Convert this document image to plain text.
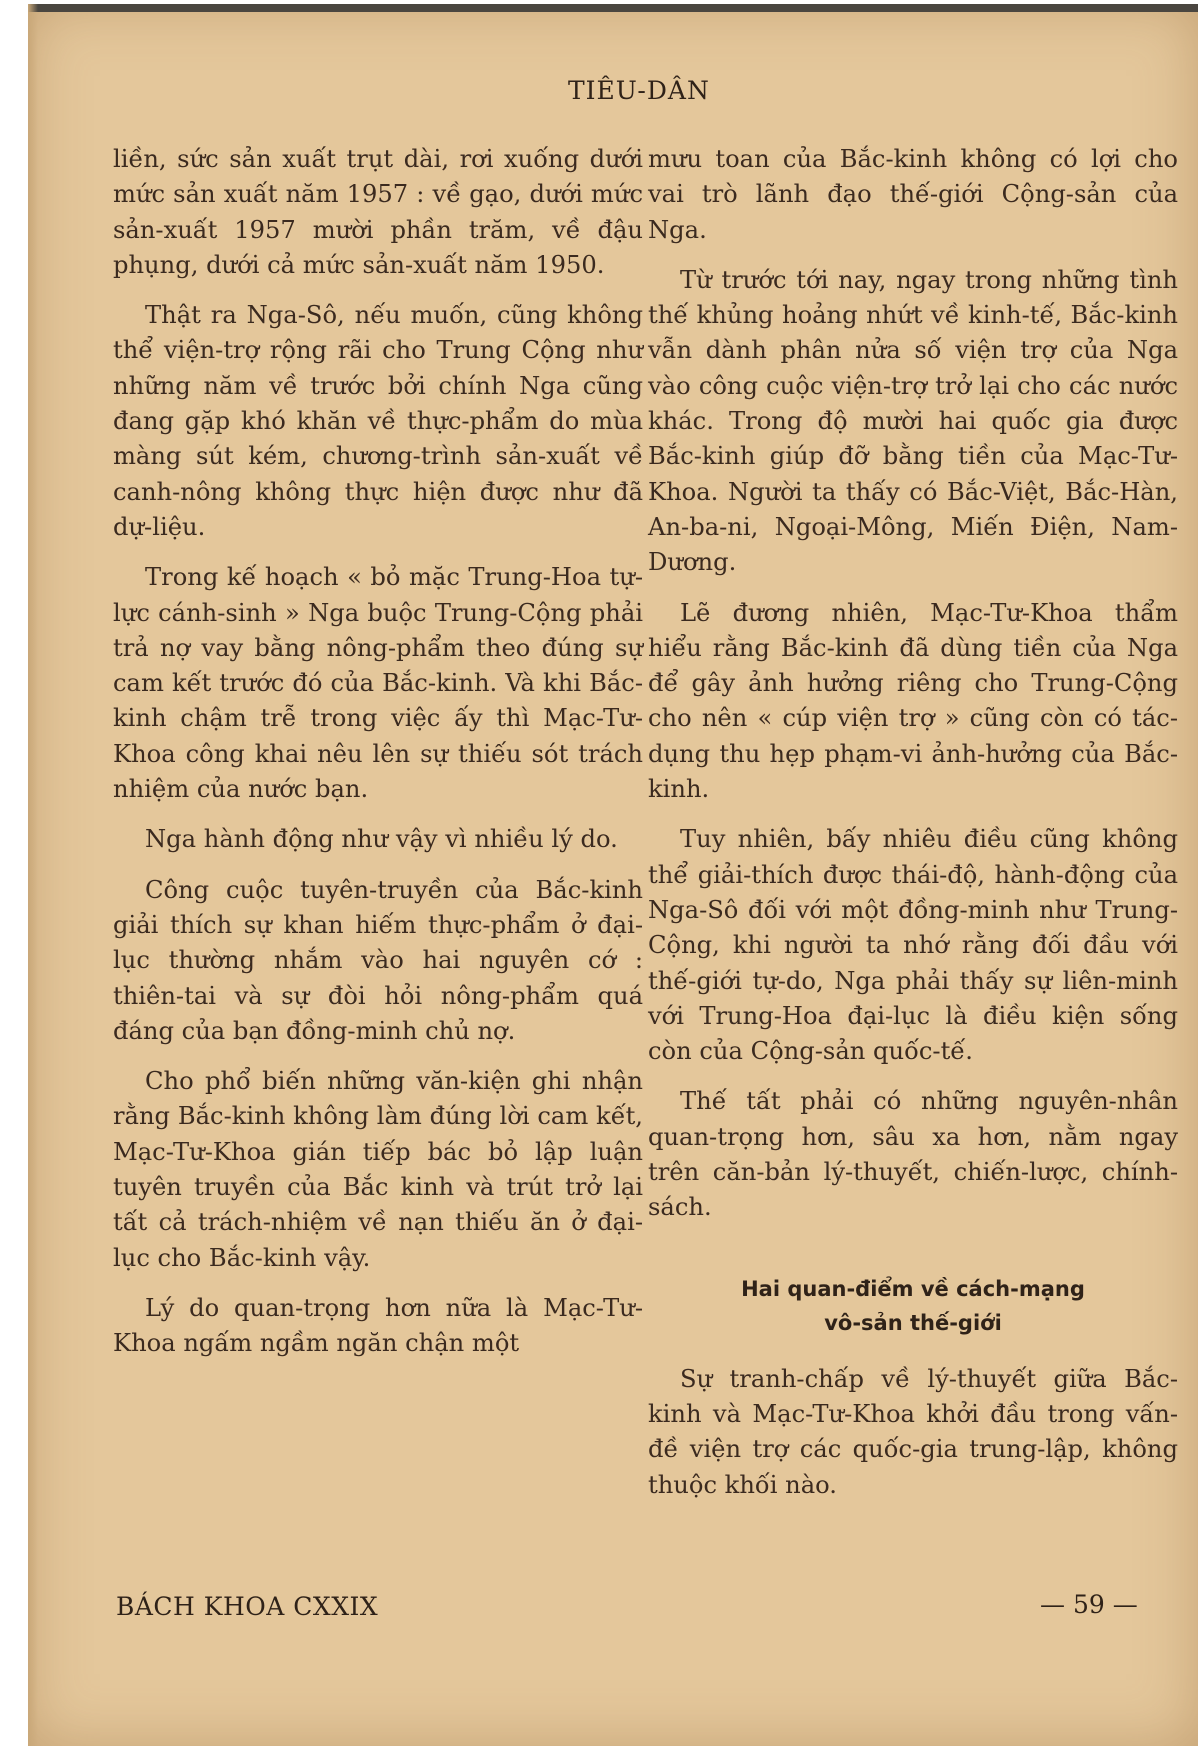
TIÊU-DÂN

liền, sức sản xuất trụt dài, rơi xuống dưới mức sản xuất năm 1957 : về gạo, dưới mức sản-xuất 1957 mười phần trăm, về đậu phụng, dưới cả mức sản-xuất năm 1950.

Thật ra Nga-Sô, nếu muốn, cũng không thể viện-trợ rộng rãi cho Trung Cộng như những năm về trước bởi chính Nga cũng đang gặp khó khăn về thực-phẩm do mùa màng sút kém, chương-trình sản-xuất về canh-nông không thực hiện được như đã dự-liệu.

Trong kế hoạch « bỏ mặc Trung-Hoa tự-lực cánh-sinh » Nga buộc Trung-Cộng phải trả nợ vay bằng nông-phẩm theo đúng sự cam kết trước đó của Bắc-kinh. Và khi Bắc-kinh chậm trễ trong việc ấy thì Mạc-Tư-Khoa công khai nêu lên sự thiếu sót trách nhiệm của nước bạn.

Nga hành động như vậy vì nhiều lý do.

Công cuộc tuyên-truyền của Bắc-kinh giải thích sự khan hiếm thực-phẩm ở đại-lục thường nhắm vào hai nguyên cớ : thiên-tai và sự đòi hỏi nông-phẩm quá đáng của bạn đồng-minh chủ nợ.

Cho phổ biến những văn-kiện ghi nhận rằng Bắc-kinh không làm đúng lời cam kết, Mạc-Tư-Khoa gián tiếp bác bỏ lập luận tuyên truyền của Bắc kinh và trút trở lại tất cả trách-nhiệm về nạn thiếu ăn ở đại-lục cho Bắc-kinh vậy.

Lý do quan-trọng hơn nữa là Mạc-Tư-Khoa ngấm ngầm ngăn chận một

mưu toan của Bắc-kinh không có lợi cho vai trò lãnh đạo thế-giới Cộng-sản của Nga.

Từ trước tới nay, ngay trong những tình thế khủng hoảng nhứt về kinh-tế, Bắc-kinh vẫn dành phân nửa số viện trợ của Nga vào công cuộc viện-trợ trở lại cho các nước khác. Trong độ mười hai quốc gia được Bắc-kinh giúp đỡ bằng tiền của Mạc-Tư-Khoa. Người ta thấy có Bắc-Việt, Bắc-Hàn, An-ba-ni, Ngoại-Mông, Miến Điện, Nam-Dương.

Lẽ đương nhiên, Mạc-Tư-Khoa thẩm hiểu rằng Bắc-kinh đã dùng tiền của Nga để gây ảnh hưởng riêng cho Trung-Cộng cho nên « cúp viện trợ » cũng còn có tác-dụng thu hẹp phạm-vi ảnh-hưởng của Bắc-kinh.

Tuy nhiên, bấy nhiêu điều cũng không thể giải-thích được thái-độ, hành-động của Nga-Sô đối với một đồng-minh như Trung-Cộng, khi người ta nhớ rằng đối đầu với thế-giới tự-do, Nga phải thấy sự liên-minh với Trung-Hoa đại-lục là điều kiện sống còn của Cộng-sản quốc-tế.

Thế tất phải có những nguyên-nhân quan-trọng hơn, sâu xa hơn, nằm ngay trên căn-bản lý-thuyết, chiến-lược, chính-sách.

Hai quan-điểm về cách-mạng
vô-sản thế-giới

Sự tranh-chấp về lý-thuyết giữa Bắc-kinh và Mạc-Tư-Khoa khởi đầu trong vấn-đề viện trợ các quốc-gia trung-lập, không thuộc khối nào.

BÁCH KHOA CXXIX	— 59 —
